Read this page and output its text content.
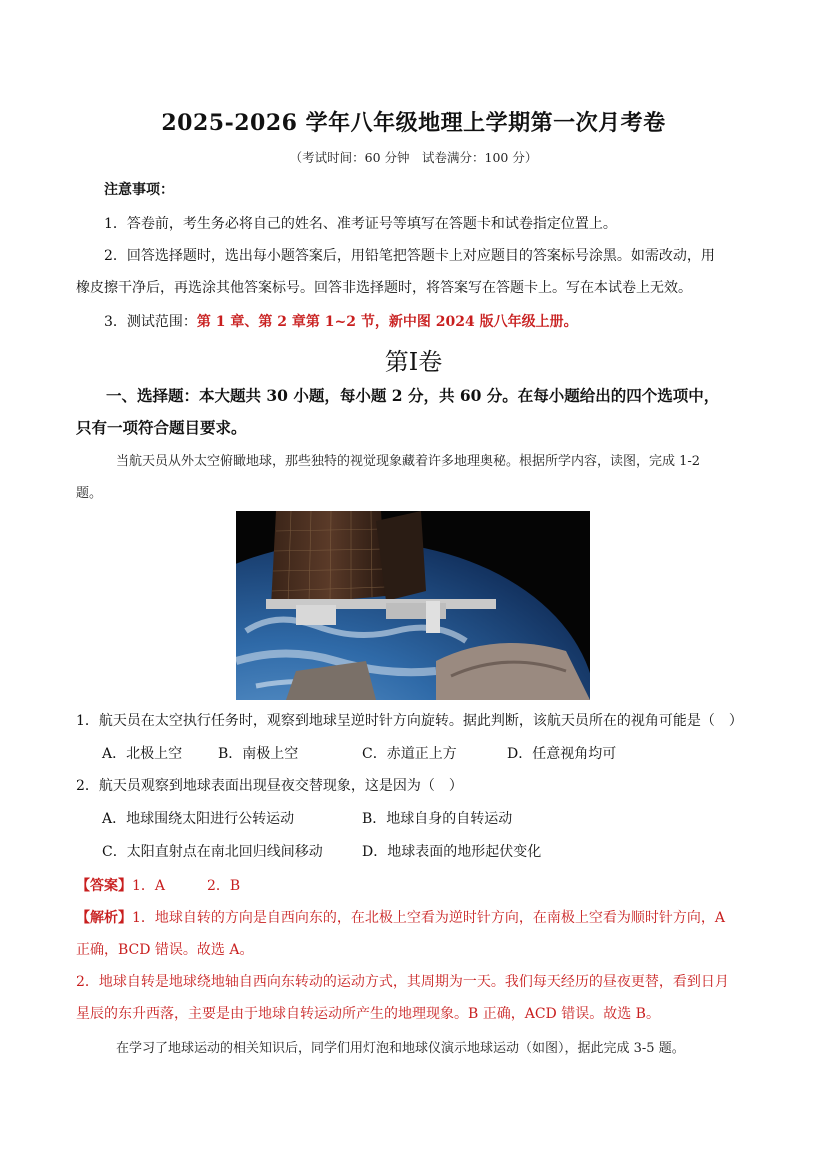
2025-2026 学年八年级地理上学期第一次月考卷
（考试时间：60 分钟　试卷满分：100 分）
注意事项：
1．答卷前，考生务必将自己的姓名、准考证号等填写在答题卡和试卷指定位置上。
2．回答选择题时，选出每小题答案后，用铅笔把答题卡上对应题目的答案标号涂黑。如需改动，用
橡皮擦干净后，再选涂其他答案标号。回答非选择题时，将答案写在答题卡上。写在本试卷上无效。
3．测试范围：第 1 章、第 2 章第 1~2 节，新中图 2024 版八年级上册。
第I卷
一、选择题：本大题共 30 小题，每小题 2 分，共 60 分。在每小题给出的四个选项中，
只有一项符合题目要求。
当航天员从外太空俯瞰地球，那些独特的视觉现象藏着许多地理奥秘。根据所学内容，读图，完成 1-2
题。
1．航天员在太空执行任务时，观察到地球呈逆时针方向旋转。据此判断，该航天员所在的视角可能是（　）
A．北极上空	B．南极上空	C．赤道正上方	D．任意视角均可
2．航天员观察到地球表面出现昼夜交替现象，这是因为（　）
A．地球围绕太阳进行公转运动	B．地球自身的自转运动
C．太阳直射点在南北回归线间移动	D．地球表面的地形起伏变化
【答案】1．A　　　2．B
【解析】1．地球自转的方向是自西向东的，在北极上空看为逆时针方向，在南极上空看为顺时针方向，A
正确，BCD 错误。故选 A。
2．地球自转是地球绕地轴自西向东转动的运动方式，其周期为一天。我们每天经历的昼夜更替，看到日月
星辰的东升西落，主要是由于地球自转运动所产生的地理现象。B 正确，ACD 错误。故选 B。
在学习了地球运动的相关知识后，同学们用灯泡和地球仪演示地球运动（如图），据此完成 3-5 题。
